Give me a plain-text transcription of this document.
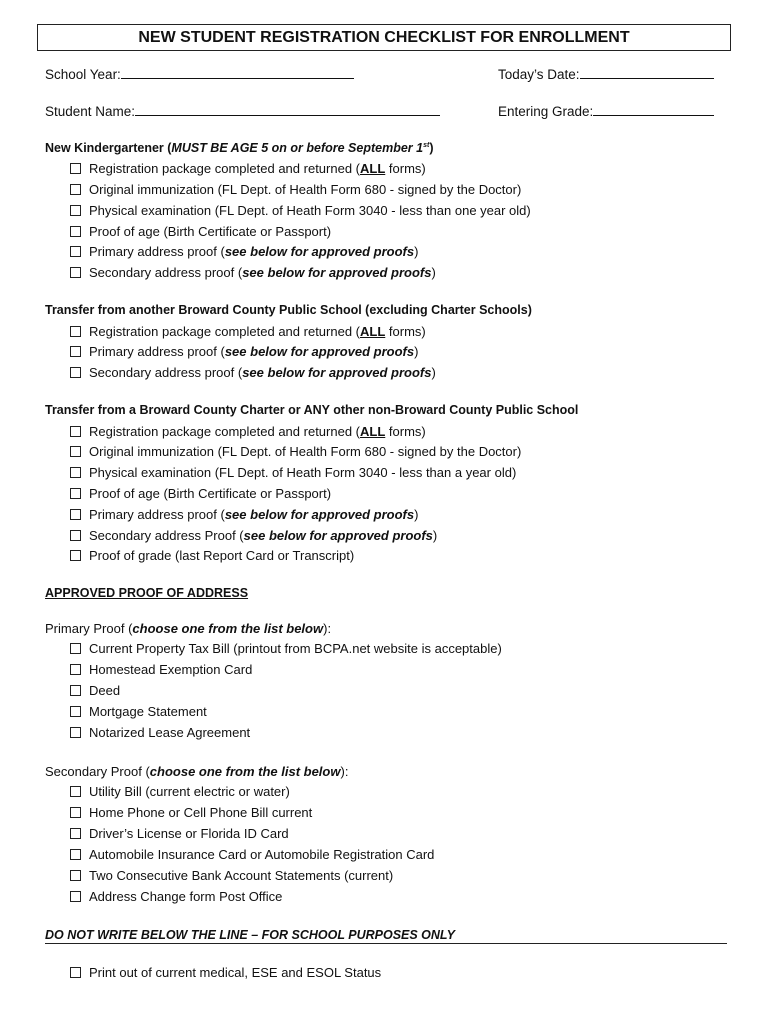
NEW STUDENT REGISTRATION CHECKLIST FOR ENROLLMENT
School Year:	Today’s Date:
Student Name:	Entering Grade:
New Kindergartener (MUST BE AGE 5 on or before September 1st)
Registration package completed and returned (ALL forms)
Original immunization (FL Dept. of Health Form 680 - signed by the Doctor)
Physical examination (FL Dept. of Heath Form 3040 - less than one year old)
Proof of age (Birth Certificate or Passport)
Primary address proof (see below for approved proofs)
Secondary address proof (see below for approved proofs)
Transfer from another Broward County Public School (excluding Charter Schools)
Registration package completed and returned (ALL forms)
Primary address proof (see below for approved proofs)
Secondary address proof (see below for approved proofs)
Transfer from a Broward County Charter or ANY other non-Broward County Public School
Registration package completed and returned (ALL forms)
Original immunization (FL Dept. of Health Form 680 - signed by the Doctor)
Physical examination (FL Dept. of Heath Form 3040 - less than a year old)
Proof of age (Birth Certificate or Passport)
Primary address proof (see below for approved proofs)
Secondary address Proof (see below for approved proofs)
Proof of grade (last Report Card or Transcript)
APPROVED PROOF OF ADDRESS
Primary Proof (choose one from the list below):
Current Property Tax Bill (printout from BCPA.net website is acceptable)
Homestead Exemption Card
Deed
Mortgage Statement
Notarized Lease Agreement
Secondary Proof (choose one from the list below):
Utility Bill (current electric or water)
Home Phone or Cell Phone Bill current
Driver’s License or Florida ID Card
Automobile Insurance Card or Automobile Registration Card
Two Consecutive Bank Account Statements (current)
Address Change form Post Office
DO NOT WRITE BELOW THE LINE – FOR SCHOOL PURPOSES ONLY
Print out of current medical, ESE and ESOL Status
